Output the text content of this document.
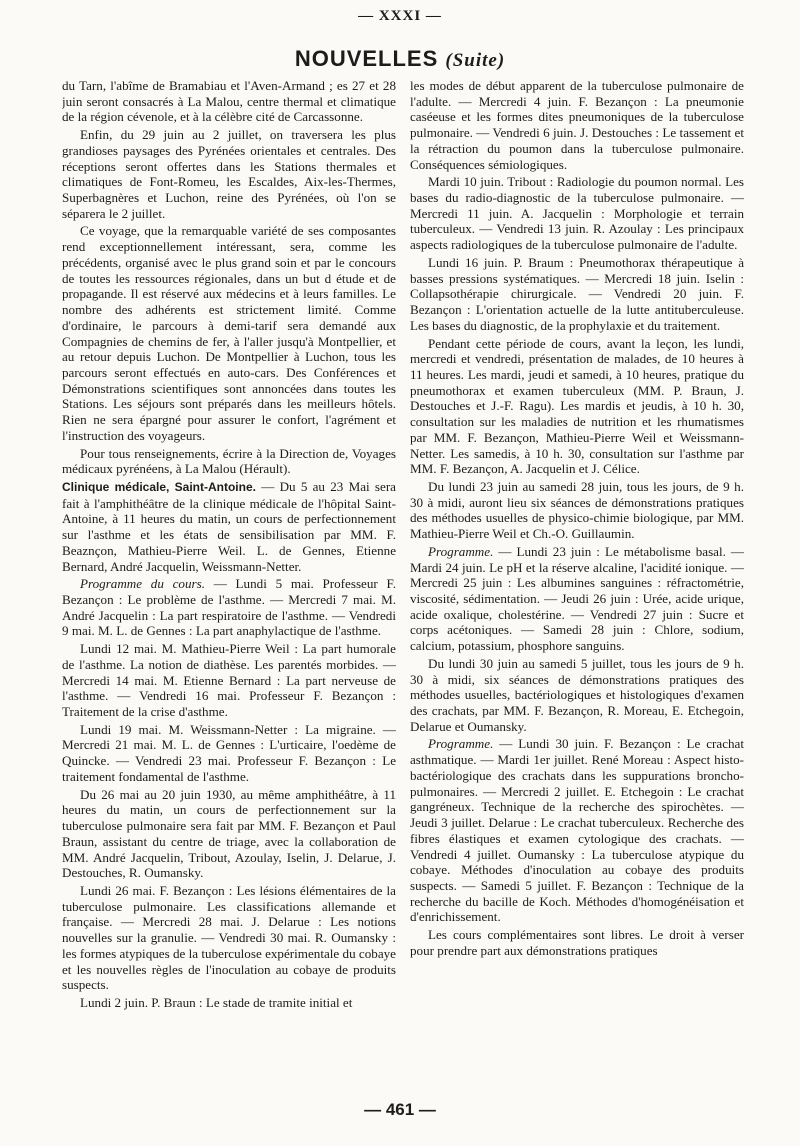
— XXXI —
NOUVELLES (Suite)

du Tarn, l'abîme de Bramabiau et l'Aven-Armand ; es 27 et 28 juin seront consacrés à La Malou, centre thermal et climatique de la région cévenole, et à la célèbre cité de Carcassonne.

Enfin, du 29 juin au 2 juillet, on traversera les plus grandioses paysages des Pyrénées orientales et centrales. Des réceptions seront offertes dans les Stations thermales et climatiques de Font-Romeu, les Escaldes, Aix-les-Thermes, Superbagnères et Luchon, reine des Pyrénées, où l'on se séparera le 2 juillet.

Ce voyage, que la remarquable variété de ses composantes rend exceptionnellement intéressant, sera, comme les précédents, organisé avec le plus grand soin et par le concours de toutes les ressources régionales, dans un but d étude et de propagande. Il est réservé aux médecins et à leurs familles. Le nombre des adhérents est strictement limité. Comme d'ordinaire, le parcours à demi-tarif sera demandé aux Compagnies de chemins de fer, à l'aller jusqu'à Montpellier, et au retour depuis Luchon. De Montpellier à Luchon, tous les parcours seront effectués en auto-cars. Des Conférences et Démonstrations scientifiques sont annoncées dans toutes les Stations. Les séjours sont préparés dans les meilleurs hôtels. Rien ne sera épargné pour assurer le confort, l'agrément et l'instruction des voyageurs.

Pour tous renseignements, écrire à la Direction de, Voyages médicaux pyrénéens, à La Malou (Hérault).

Clinique médicale, Saint-Antoine. — Du 5 au 23 Mai sera fait à l'amphithéâtre de la clinique médicale de l'hôpital Saint-Antoine, à 11 heures du matin, un cours de perfectionnement sur l'asthme et les états de sensibilisation par MM. F. Beaznçon, Mathieu-Pierre Weil. L. de Gennes, Etienne Bernard, André Jacquelin, Weissmann-Netter.

Programme du cours. — Lundi 5 mai. Professeur F. Bezançon : Le problème de l'asthme. — Mercredi 7 mai. M. André Jacquelin : La part respiratoire de l'asthme. — Vendredi 9 mai. M. L. de Gennes : La part anaphylactique de l'asthme.

Lundi 12 mai. M. Mathieu-Pierre Weil : La part humorale de l'asthme. La notion de diathèse. Les parentés morbides. — Mercredi 14 mai. M. Etienne Bernard : La part nerveuse de l'asthme. — Vendredi 16 mai. Professeur F. Bezançon : Traitement de la crise d'asthme.

Lundi 19 mai. M. Weissmann-Netter : La migraine. — Mercredi 21 mai. M. L. de Gennes : L'urticaire, l'oedème de Quincke. — Vendredi 23 mai. Professeur F. Bezançon : Le traitement fondamental de l'asthme.

Du 26 mai au 20 juin 1930, au même amphithéâtre, à 11 heures du matin, un cours de perfectionnement sur la tuberculose pulmonaire sera fait par MM. F. Bezançon et Paul Braun, assistant du centre de triage, avec la collaboration de MM. André Jacquelin, Tribout, Azoulay, Iselin, J. Delarue, J. Destouches, R. Oumansky.

Lundi 26 mai. F. Bezançon : Les lésions élémentaires de la tuberculose pulmonaire. Les classifications allemande et française. — Mercredi 28 mai. J. Delarue : Les notions nouvelles sur la granulie. — Vendredi 30 mai. R. Oumansky : les formes atypiques de la tuberculose expérimentale du cobaye et les nouvelles règles de l'inoculation au cobaye de produits suspects.

Lundi 2 juin. P. Braun : Le stade de tramite initial et

les modes de début apparent de la tuberculose pulmonaire de l'adulte. — Mercredi 4 juin. F. Bezançon : La pneumonie caséeuse et les formes dites pneumoniques de la tuberculose pulmonaire. — Vendredi 6 juin. J. Destouches : Le tassement et la rétraction du poumon dans la tuberculose pulmonaire. Conséquences sémiologiques.

Mardi 10 juin. Tribout : Radiologie du poumon normal. Les bases du radio-diagnostic de la tuberculose pulmonaire. — Mercredi 11 juin. A. Jacquelin : Morphologie et terrain tuberculeux. — Vendredi 13 juin. R. Azoulay : Les principaux aspects radiologiques de la tuberculose pulmonaire de l'adulte.

Lundi 16 juin. P. Braum : Pneumothorax thérapeutique à basses pressions systématiques. — Mercredi 18 juin. Iselin : Collapsothérapie chirurgicale. — Vendredi 20 juin. F. Bezançon : L'orientation actuelle de la lutte antituberculeuse. Les bases du diagnostic, de la prophylaxie et du traitement.

Pendant cette période de cours, avant la leçon, les lundi, mercredi et vendredi, présentation de malades, de 10 heures à 11 heures. Les mardi, jeudi et samedi, à 10 heures, pratique du pneumothorax et examen tuberculeux (MM. P. Braun, J. Destouches et J.-F. Ragu). Les mardis et jeudis, à 10 h. 30, consultation sur les maladies de nutrition et les rhumatismes par MM. F. Bezançon, Mathieu-Pierre Weil et Weissmann-Netter. Les samedis, à 10 h. 30, consultation sur l'asthme par MM. F. Bezançon, A. Jacquelin et J. Célice.

Du lundi 23 juin au samedi 28 juin, tous les jours, de 9 h. 30 à midi, auront lieu six séances de démonstrations pratiques des méthodes usuelles de physico-chimie biologique, par MM. Mathieu-Pierre Weil et Ch.-O. Guillaumin.

Programme. — Lundi 23 juin : Le métabolisme basal. — Mardi 24 juin. Le pH et la réserve alcaline, l'acidité ionique. — Mercredi 25 juin : Les albumines sanguines : réfractométrie, viscosité, sédimentation. — Jeudi 26 juin : Urée, acide urique, acide oxalique, cholestérine. — Vendredi 27 juin : Sucre et corps acétoniques. — Samedi 28 juin : Chlore, sodium, calcium, potassium, phosphore sanguins.

Du lundi 30 juin au samedi 5 juillet, tous les jours de 9 h. 30 à midi, six séances de démonstrations pratiques des méthodes usuelles, bactériologiques et histologiques d'examen des crachats, par MM. F. Bezançon, R. Moreau, E. Etchegoin, Delarue et Oumansky.

Programme. — Lundi 30 juin. F. Bezançon : Le crachat asthmatique. — Mardi 1er juillet. René Moreau : Aspect histo-bactériologique des crachats dans les suppurations broncho-pulmonaires. — Mercredi 2 juillet. E. Etchegoin : Le crachat gangréneux. Technique de la recherche des spirochètes. — Jeudi 3 juillet. Delarue : Le crachat tuberculeux. Recherche des fibres élastiques et examen cytologique des crachats. — Vendredi 4 juillet. Oumansky : La tuberculose atypique du cobaye. Méthodes d'inoculation au cobaye des produits suspects. — Samedi 5 juillet. F. Bezançon : Technique de la recherche du bacille de Koch. Méthodes d'homogénéisation et d'enrichissement.

Les cours complémentaires sont libres. Le droit à verser pour prendre part aux démonstrations pratiques

— 461 —
